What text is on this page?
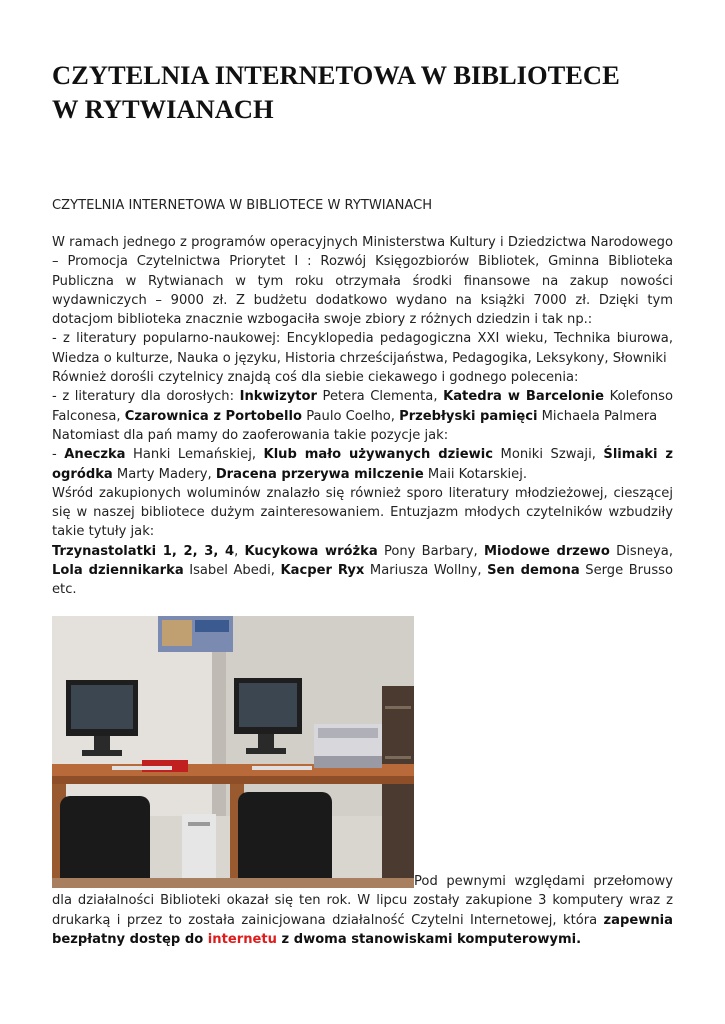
CZYTELNIA INTERNETOWA W BIBLIOTECE
W RYTWIANACH
CZYTELNIA INTERNETOWA W BIBLIOTECE W RYTWIANACH

W ramach jednego z programów operacyjnych Ministerstwa Kultury i Dziedzictwa Narodowego – Promocja Czytelnictwa Priorytet I : Rozwój Księgozbiorów Bibliotek, Gminna Biblioteka Publiczna w Rytwianach w tym roku otrzymała środki finansowe na zakup nowości wydawniczych – 9000 zł. Z budżetu dodatkowo wydano na książki 7000 zł. Dzięki tym dotacjom biblioteka znacznie wzbogaciła swoje zbiory z różnych dziedzin i tak np.:

- z literatury popularno-naukowej: Encyklopedia pedagogiczna XXI wieku, Technika biurowa, Wiedza o kulturze, Nauka o języku, Historia chrześcijaństwa, Pedagogika, Leksykony, Słowniki

Również dorośli czytelnicy znajdą coś dla siebie ciekawego i godnego polecenia:

- z literatury dla dorosłych: Inkwizytor Petera Clementa, Katedra w Barcelonie Kolefonso Falconesa, Czarownica z Portobello Paulo Coelho, Przebłyski pamięci Michaela Palmera

Natomiast dla pań mamy do zaoferowania takie pozycje jak:

- Aneczka Hanki Lemańskiej, Klub mało używanych dziewic Moniki Szwaji, Ślimaki z ogródka Marty Madery, Dracena przerywa milczenie Maii Kotarskiej.

Wśród zakupionych woluminów znalazło się również sporo literatury młodzieżowej, cieszącej się w naszej bibliotece dużym zainteresowaniem. Entuzjazm młodych czytelników wzbudziły takie tytuły jak:

Trzynastolatki 1, 2, 3, 4, Kucykowa wróżka Pony Barbary, Miodowe drzewo Disneya, Lola dziennikarka Isabel Abedi, Kacper Ryx Mariusza Wollny, Sen demona Serge Brusso etc.

Pod pewnymi względami przełomowy dla działalności Biblioteki okazał się ten rok. W lipcu zostały zakupione 3 komputery wraz z drukarką i przez to została zainicjowana działalność Czytelni Internetowej, która zapewnia bezpłatny dostęp do internetu z dwoma stanowiskami komputerowymi.
